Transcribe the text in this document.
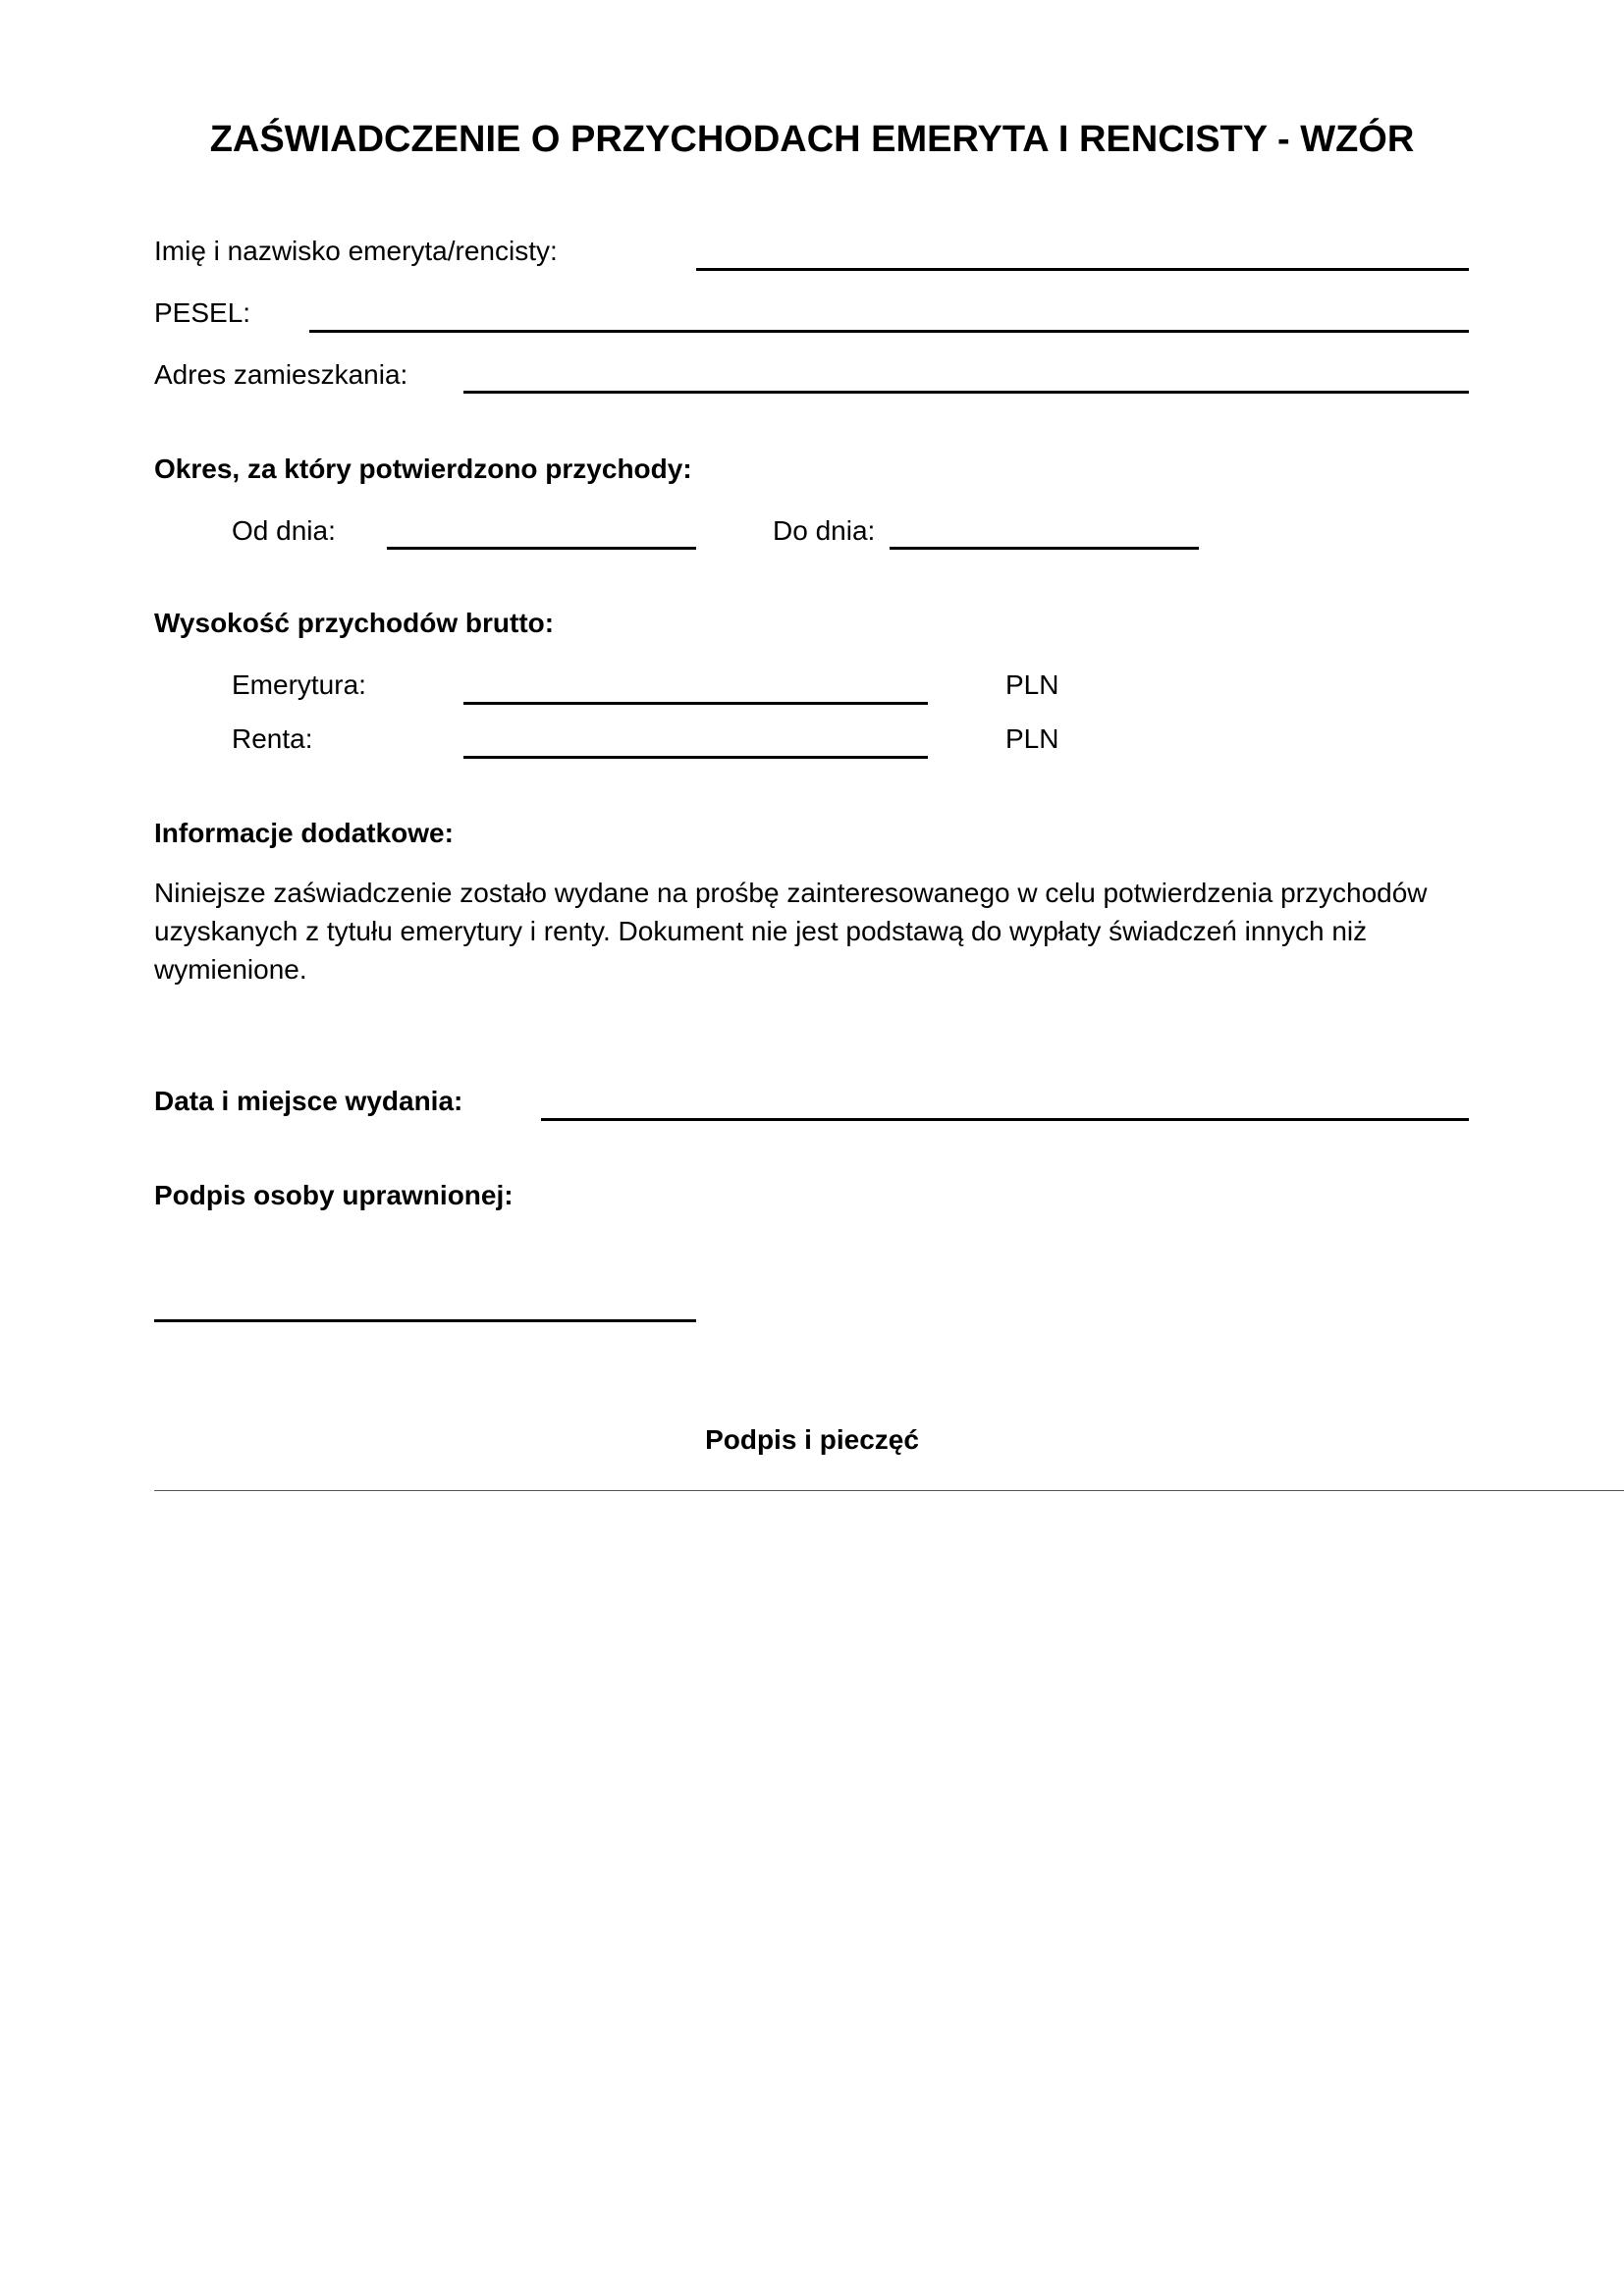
ZAŚWIADCZENIE O PRZYCHODACH EMERYTA I RENCISTY - WZÓR
Imię i nazwisko emeryta/rencisty:
PESEL:
Adres zamieszkania:
Okres, za który potwierdzono przychody:
Od dnia:	Do dnia:
Wysokość przychodów brutto:
Emerytura:	PLN
Renta:	PLN
Informacje dodatkowe:
Niniejsze zaświadczenie zostało wydane na prośbę zainteresowanego w celu potwierdzenia przychodów
uzyskanych z tytułu emerytury i renty. Dokument nie jest podstawą do wypłaty świadczeń innych niż
wymienione.
Data i miejsce wydania:
Podpis osoby uprawnionej:
Podpis i pieczęć
